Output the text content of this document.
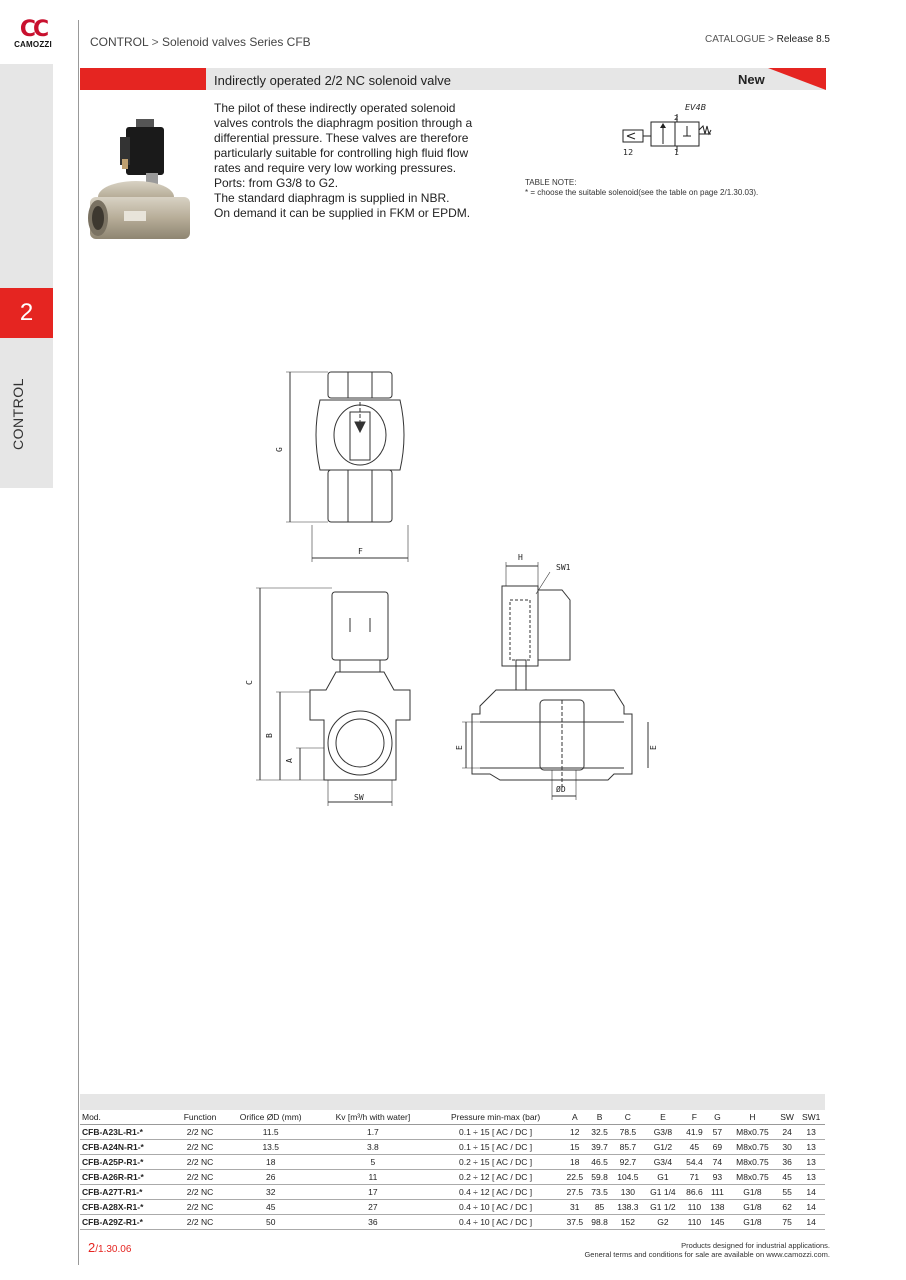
CC
CAMOZZI	CONTROL > Solenoid valves Series CFB	CATALOGUE > Release 8.5
2
CONTROL
New
Indirectly operated 2/2 NC solenoid valve

The pilot of these indirectly operated solenoid

valves controls the diaphragm position through a

differential pressure. These valves are therefore

particularly suitable for controlling high fluid flow

rates and require very low working pressures.

Ports: from G3/8 to G2.

The standard diaphragm is supplied in NBR.

On demand it can be supplied in FKM or EPDM.

EV4B
2
12	1
TABLE NOTE:
* = choose the suitable solenoid(see the table on page 2/1.30.03).
G
F
C
B
A
SW
H
SW1
E	E
ØD
Mod.	Function	Orifice ØD (mm)	Kv [m³/h with water]	Pressure min-max (bar)	A	B	C	E	F	G	H	SW	SW1
CFB-A23L-R1-*	2/2 NC	11.5	1.7	0.1 ÷ 15 [ AC / DC ]	12	32.5	78.5	G3/8	41.9	57	M8x0.75	24	13
CFB-A24N-R1-*	2/2 NC	13.5	3.8	0.1 ÷ 15 [ AC / DC ]	15	39.7	85.7	G1/2	45	69	M8x0.75	30	13
CFB-A25P-R1-*	2/2 NC	18	5	0.2 ÷ 15 [ AC / DC ]	18	46.5	92.7	G3/4	54.4	74	M8x0.75	36	13
CFB-A26R-R1-*	2/2 NC	26	11	0.2 ÷ 12 [ AC / DC ]	22.5	59.8	104.5	G1	71	93	M8x0.75	45	13
CFB-A27T-R1-*	2/2 NC	32	17	0.4 ÷ 12 [ AC / DC ]	27.5	73.5	130	G1 1/4	86.6	111	G1/8	55	14
CFB-A28X-R1-*	2/2 NC	45	27	0.4 ÷ 10 [ AC / DC ]	31	85	138.3	G1 1/2	110	138	G1/8	62	14
CFB-A29Z-R1-*	2/2 NC	50	36	0.4 ÷ 10 [ AC / DC ]	37.5	98.8	152	G2	110	145	G1/8	75	14
2/1.30.06	Products designed for industrial applications.
General terms and conditions for sale are available on www.camozzi.com.
